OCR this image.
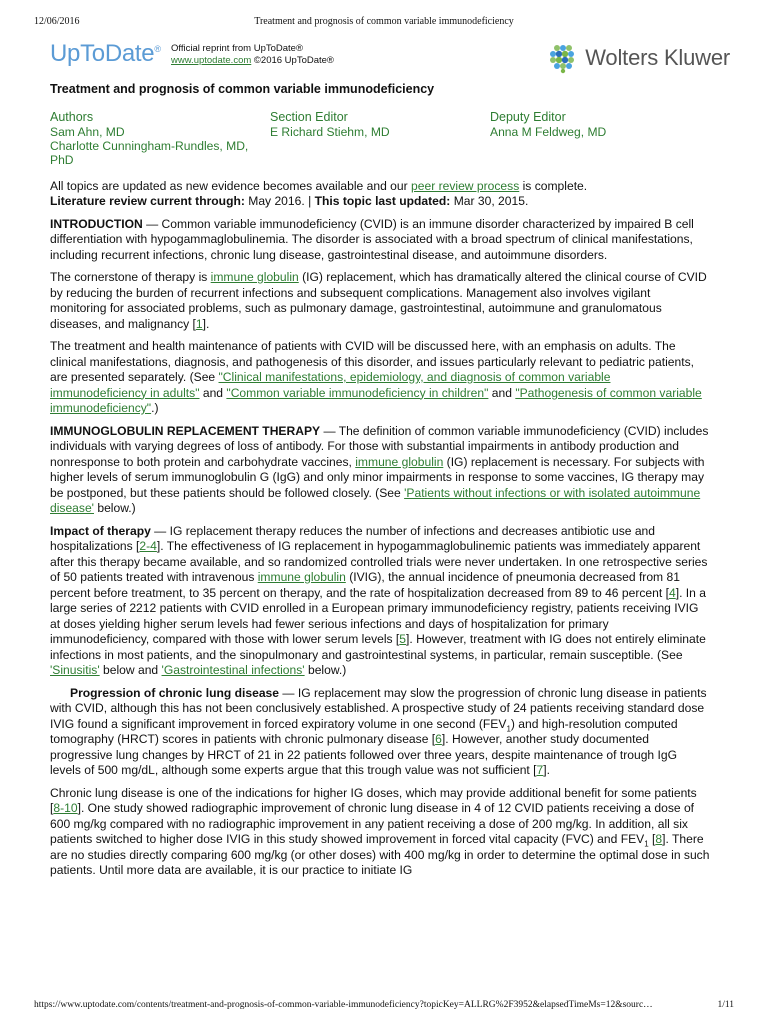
12/06/2016	Treatment and prognosis of common variable immunodeficiency
UpToDate® Official reprint from UpToDate®
www.uptodate.com ©2016 UpToDate®	Wolters Kluwer
Treatment and prognosis of common variable immunodeficiency
Authors
Sam Ahn, MD
Charlotte Cunningham-Rundles, MD, PhD
Section Editor
E Richard Stiehm, MD
Deputy Editor
Anna M Feldweg, MD

All topics are updated as new evidence becomes available and our peer review process is complete.
Literature review current through: May 2016. | This topic last updated: Mar 30, 2015.

INTRODUCTION — Common variable immunodeficiency (CVID) is an immune disorder characterized by impaired B cell differentiation with hypogammaglobulinemia. The disorder is associated with a broad spectrum of clinical manifestations, including recurrent infections, chronic lung disease, gastrointestinal disease, and autoimmune disorders.

The cornerstone of therapy is immune globulin (IG) replacement, which has dramatically altered the clinical course of CVID by reducing the burden of recurrent infections and subsequent complications. Management also involves vigilant monitoring for associated problems, such as pulmonary damage, gastrointestinal, autoimmune and granulomatous diseases, and malignancy [1].

The treatment and health maintenance of patients with CVID will be discussed here, with an emphasis on adults. The clinical manifestations, diagnosis, and pathogenesis of this disorder, and issues particularly relevant to pediatric patients, are presented separately. (See "Clinical manifestations, epidemiology, and diagnosis of common variable immunodeficiency in adults" and "Common variable immunodeficiency in children" and "Pathogenesis of common variable immunodeficiency".)

IMMUNOGLOBULIN REPLACEMENT THERAPY — The definition of common variable immunodeficiency (CVID) includes individuals with varying degrees of loss of antibody. For those with substantial impairments in antibody production and nonresponse to both protein and carbohydrate vaccines, immune globulin (IG) replacement is necessary. For subjects with higher levels of serum immunoglobulin G (IgG) and only minor impairments in response to some vaccines, IG therapy may be postponed, but these patients should be followed closely. (See 'Patients without infections or with isolated autoimmune disease' below.)

Impact of therapy — IG replacement therapy reduces the number of infections and decreases antibiotic use and hospitalizations [2-4]. The effectiveness of IG replacement in hypogammaglobulinemic patients was immediately apparent after this therapy became available, and so randomized controlled trials were never undertaken. In one retrospective series of 50 patients treated with intravenous immune globulin (IVIG), the annual incidence of pneumonia decreased from 81 percent before treatment, to 35 percent on therapy, and the rate of hospitalization decreased from 89 to 46 percent [4]. In a large series of 2212 patients with CVID enrolled in a European primary immunodeficiency registry, patients receiving IVIG at doses yielding higher serum levels had fewer serious infections and days of hospitalization for primary immunodeficiency, compared with those with lower serum levels [5]. However, treatment with IG does not entirely eliminate infections in most patients, and the sinopulmonary and gastrointestinal systems, in particular, remain susceptible. (See 'Sinusitis' below and 'Gastrointestinal infections' below.)

Progression of chronic lung disease — IG replacement may slow the progression of chronic lung disease in patients with CVID, although this has not been conclusively established. A prospective study of 24 patients receiving standard dose IVIG found a significant improvement in forced expiratory volume in one second $(FEV_1)$ and high-resolution computed tomography (HRCT) scores in patients with chronic pulmonary disease [6]. However, another study documented progressive lung changes by HRCT of 21 in 22 patients followed over three years, despite maintenance of trough IgG levels of 500 mg/dL, although some experts argue that this trough value was not sufficient [7].

Chronic lung disease is one of the indications for higher IG doses, which may provide additional benefit for some patients [8-10]. One study showed radiographic improvement of chronic lung disease in 4 of 12 CVID patients receiving a dose of 600 mg/kg compared with no radiographic improvement in any patient receiving a dose of 200 mg/kg. In addition, all six patients switched to higher dose IVIG in this study showed improvement in forced vital capacity (FVC) and $FEV_1$ [8]. There are no studies directly comparing 600 mg/kg (or other doses) with 400 mg/kg in order to determine the optimal dose in such patients. Until more data are available, it is our practice to initiate IG

https://www.uptodate.com/contents/treatment-and-prognosis-of-common-variable-immunodeficiency?topicKey=ALLRG%2F3952&elapsedTimeMs=12&sourc…	1/11
